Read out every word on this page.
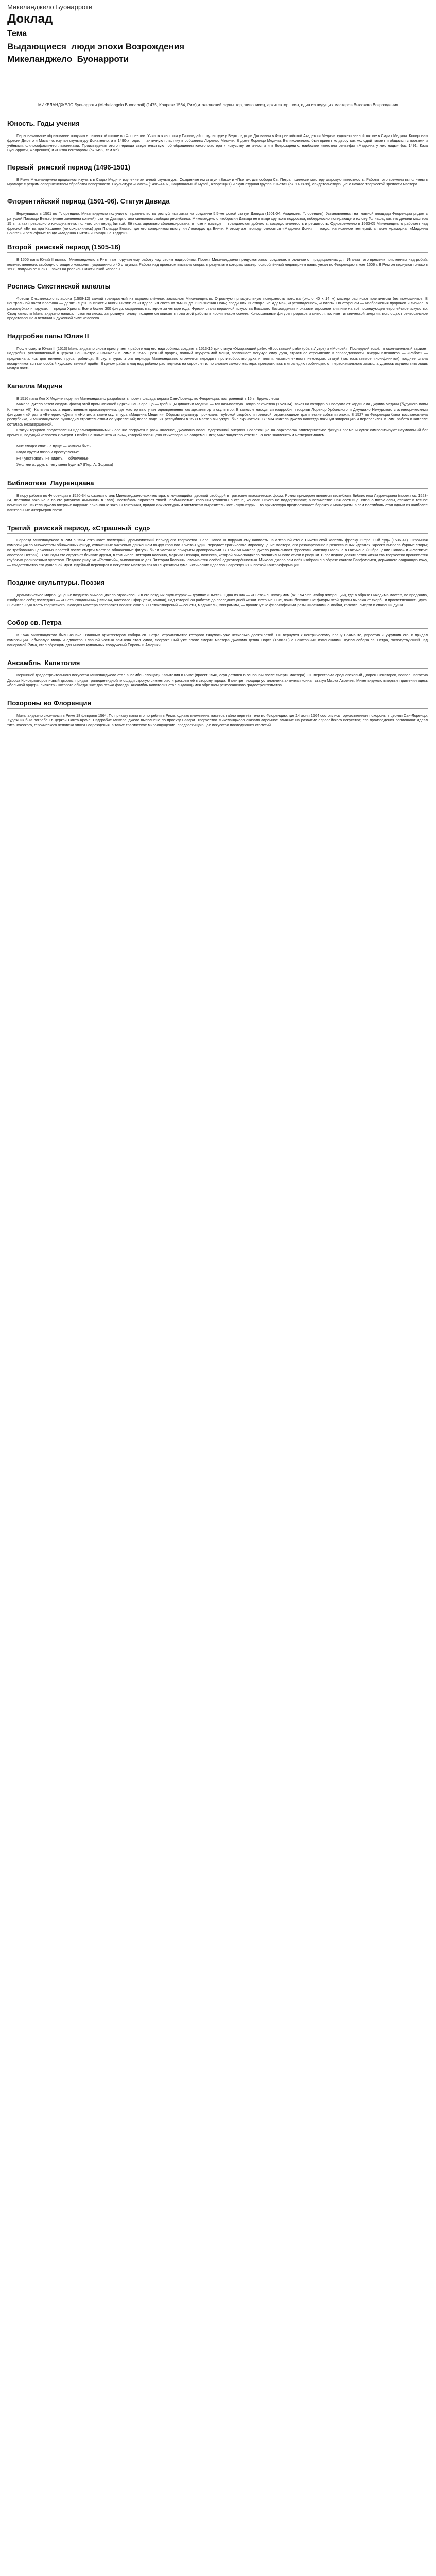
Микеланджело Буонарроти
Доклад
Тема
Выдающиеся  люди эпохи Возрождения
Микеланджело  Буонарроти

МИКЕЛАНДЖЕЛО Буонарроти (Michelangelo Buonarroti) (1475, Капрезе 1564, Рим),итальянский скульптор, живописец, архитектор, поэт, один из ведущих мастеров Высокого Возрождения.

Юность. Годы учения

Первоначальное образование получил в латинской школе во Флоренции. Учился живописи у Гирландайо, скульптуре у Бертольдо ди Джованни в Флорентийской Академии Медичи художественной школе в Садах Медичи. Копировал фрески Джотто и Мазаччо, изучал скульптуру Донателло, а в 1490-х годах — античную пластику в собраниях Лоренцо Медичи. В доме Лоренцо Медичи, Великолепного, был принят ко двору как молодой талант и общался с поэтами и учёными, философами-неоплатониками. Произведения этого периода свидетельствуют об обращении юного мастера к искусству античности и к Возрождению; наиболее известны рельефы «Мадонна у лестницы» (ок. 1491, Каза Буонарроти, Флоренция) и «Битва кентавров» (ок.1492, там же).

Первый  римский период (1496-1501)

В Риме Микеланджело продолжал изучать в Садах Медичи изучение античной скульптуры. Созданные им статуи «Вакх» и «Пьета», для собора Св. Петра, принесли мастеру широкую известность. Работы того времени выполнены в мраморе с редким совершенством обработки поверхности. Скульптура «Вакха» (1496–1497, Национальный музей, Флоренция) и скульптурная группа «Пьета» (ок. 1498-99), свидетельствующие о начале творческой зрелости мастера.

Флорентийский период (1501-06). Статуя Давида

Вернувшись в 1501 во Флоренцию, Микеланджело получил от правительства республики заказ на создание 5,5-метровой статуи Давида (1501-04, Академия, Флоренция). Установленная на главной площади Флоренции рядом с ратушей Палаццо Веккьо (ныне заменена копией), статуя Давида стала символом свободы республики. Микеланджело изобразил Давида не в виде хрупкого подростка, победоносно попирающего голову Голиафа, как это делали мастера 15 в., а как прекрасного юношу-атлета, полного сил перед битвой. Её поза идеально сбалансирована, в позе и взгляде — гражданская доблесть, сосредоточенность и решимость. Одновременно в 1503-05 Микеланджело работает над фреской «Битва при Кашине» (не сохранилась) для Палаццо Веккьо, где его соперником выступил Леонардо да Винчи. К этому же периоду относятся «Мадонна Дони» — тондо, написанное темперой, а также мраморная «Мадонна Брюгге» и рельефные тондо «Мадонна Питти» и «Мадонна Таддеи».

Второй  римский период (1505-16)

В 1505 папа Юлий II вызвал Микеланджело в Рим; там поручил ему работу над своим надгробием. Проект Микеланджело предусматривал создание, в отличие от традиционных для Италии того времени пристенных надгробий, величественного, свободно стоящего мавзолея, украшенного 40 статуями. Работа над проектом вызвала споры, в результате которых мастер, оскорблённый недоверием папы, уехал во Флоренцию в мае 1506 г. В Рим он вернулся только в 1508, получив от Юлия II заказ на роспись Сикстинской капеллы.

Роспись Сикстинской капеллы

Фрески Сикстинского плафона (1508-12) самый грандиозный из осуществлённых замыслов Микеланджело. Огромную прямоугольную поверхность потолка (около 40 х 14 м) мастер расписал практически без помощников. В центральной части плафона — девять сцен на сюжеты Книги Бытия: от «Отделения света от тьмы» до «Опьянения Ноя»; среди них «Сотворение Адама», «Грехопадение», «Потоп». По сторонам — изображения пророков и сивилл, в распалубках и парусах — предки Христа. Всего более 300 фигур, созданных мастером за четыре года. Фрески стали вершиной искусства Высокого Возрождения и оказали огромное влияние на всё последующее европейское искусство. Свод капеллы Микеланджело написал, стоя на лесах, запрокинув голову; позднее он описал тяготы этой работы в ироническом сонете. Колоссальные фигуры пророков и сивилл, полные титанической энергии, воплощают ренессансное представление о величии и духовной силе человека.

Надгробие папы Юлия II

После смерти Юлия II (1513) Микеланджело снова приступает к работе над его надгробием, создает в 1513-16 три статуи «Умирающий раб», «Восставший раб» (оба в Лувре) и «Моисей». Последний вошёл в окончательный вариант надгробия, установленный в церкви Сан-Пьетро-ин-Винколи в Риме в 1545. Грозный пророк, полный неукротимой мощи, воплощает могучую силу духа, страстное стремление к справедливости. Фигуры пленников — «Рабов» — предназначались для нижнего яруса гробницы. В скульптурах этого периода Микеланджело стремится передать противоборство духа и плоти; незаконченность некоторых статуй (так называемое «нон-финито») позднее стала восприниматься как особый художественный приём. В целом работа над надгробием растянулась на сорок лет и, по словам самого мастера, превратилась в «трагедию гробницы»: от первоначального замысла удалось осуществить лишь малую часть.

Капелла Медичи

В 1516 папа Лев X Медичи поручил Микеланджело разработать проект фасада церкви Сан-Лоренцо во Флоренции, построенной в 15 в. Брунеллески.

Микеланджело затем создать фасад этой примыкающей церкви Сан-Лоренцо — гробницы династии Медичи — так называемую Новую сакристию (1520-34), заказ на которую он получил от кардинала Джулио Медичи (будущего папы Климента VII). Капелла стала единственным произведением, где мастер выступил одновременно как архитектор и скульптор. В капелле находятся надгробия герцогов Лоренцо Урбинского и Джулиано Немурского с аллегорическими фигурами «Утра» и «Вечера», «Дня» и «Ночи», а также скульптура «Мадонна Медичи». Образы скульптур пронизаны глубокой скорбью и тревогой, отражающими трагические события эпохи. В 1527 во Флоренции была восстановлена республика, и Микеланджело руководил строительством её укреплений; после падения республики в 1530 мастер вынужден был скрываться. В 1534 Микеланджело навсегда покинул Флоренцию и переселился в Рим; работа в капелле осталась незавершённой.

Статуи герцогов представлены идеализированными: Лоренцо погружён в размышление, Джулиано полон сдержанной энергии. Возлежащие на саркофагах аллегорические фигуры времени суток символизируют неумолимый бег времени, ведущий человека к смерти. Особенно знаменита «Ночь», которой посвящено стихотворение современника; Микеланджело ответил на него знаменитым четверостишием:

Мне сладко спать, а пуще — камнем быть,
Когда кругом позор и преступленье:
Не чувствовать, не видеть — облегченье,
Умолкни ж, друг, к чему меня будить? (Пер. А. Эфроса)
Библиотека  Лауренциана

В пору работы во Флоренции в 1520-34 сложился стиль Микеланджело-архитектора, отличающийся дерзкой свободой в трактовке классических форм. Ярким примером является вестибюль Библиотеки Лауренциана (проект ок. 1523-34, лестница закончена по его рисункам Амманати в 1559). Вестибюль поражает своей необычностью: колонны утоплены в стене, консоли ничего не поддерживают, а величественная лестница, словно поток лавы, стекает в тесное помещение. Микеланджело впервые нарушил привычные законы тектоники, придав архитектурным элементам выразительность скульптуры. Его архитектура предвосхищает барокко и маньеризм, а сам вестибюль стал одним из наиболее влиятельных интерьеров эпохи.

Третий  римский период. «Страшный  суд»

Переезд Микеланджело в Рим в 1534 открывает последний, драматический период его творчества. Папа Павел III поручил ему написать на алтарной стене Сикстинской капеллы фреску «Страшный суд» (1536-41). Огромная композиция со множеством обнажённых фигур, охваченных вихревым движением вокруг грозного Христа-Судии, передаёт трагическое мироощущение мастера, его разочарование в ренессансных идеалах. Фреска вызвала бурные споры; по требованию церковных властей после смерти мастера обнажённые фигуры были частично прикрыты драпировками. В 1542-50 Микеланджело расписывает фресками капеллу Паолина в Ватикане («Обращение Савла» и «Распятие апостола Петра»). В эти годы его окружают близкие друзья, в том числе Виттория Колонна, маркиза Пескара, поэтесса, которой Микеланджело посвятил многие стихи и рисунки. В последние десятилетия жизни его творчество проникается глубоким религиозным чувством. Поздние рисунки «Распятий», выполненные для Виттории Колонны, отличаются особой одухотворённостью. Микеланджело сам себя изобразил в образе святого Варфоломея, держащего содранную кожу, — свидетельство его душевной муки. Идейный переворот в искусстве мастера связан с кризисом гуманистических идеалов Возрождения и эпохой Контрреформации.

Поздние скульптуры. Поэзия

Драматическое мироощущение позднего Микеланджело отразилось и в его поздних скульптурах — группах «Пьета». Одна из них — «Пьета» с Никодимом (ок. 1547-55, собор Флоренции), где в образе Никодима мастер, по преданию, изобразил себя; последняя — «Пьета Ронданини» (1552-64, Кастелло Сфорцеско, Милан), над которой он работал до последних дней жизни. Истончённые, почти бесплотные фигуры этой группы выражают скорбь и просветлённость духа. Значительную часть творческого наследия мастера составляет поэзия: около 300 стихотворений — сонеты, мадригалы, эпиграммы, — проникнутые философскими размышлениями о любви, красоте, смерти и спасении души.

Собор св. Петра

В 1546 Микеланджело был назначен главным архитектором собора св. Петра, строительство которого тянулось уже несколько десятилетий. Он вернулся к центрическому плану Браманте, упростив и укрупнив его, и придал композиции небывалую мощь и единство. Главной частью замысла стал купол, сооружённый уже после смерти мастера Джакомо делла Порта (1588-90) с некоторыми изменениями. Купол собора св. Петра, господствующий над панорамой Рима, стал образцом для многих купольных сооружений Европы и Америки.

Ансамбль  Капитолия

Вершиной градостроительного искусства Микеланджело стал ансамбль площади Капитолия в Риме (проект 1546, осуществлён в основном после смерти мастера). Он перестроил средневековый Дворец Сенаторов, возвёл напротив Дворца Консерваторов новый дворец, придав трапециевидной площади строгую симметрию и раскрыв её в сторону города. В центре площади установлена античная конная статуя Марка Аврелия. Микеланджело впервые применил здесь «большой ордер», пилястры которого объединяют два этажа фасада. Ансамбль Капитолия стал выдающимся образцом ренессансного градостроительства.

Похороны во Флоренции

Микеланджело скончался в Риме 18 февраля 1564. По приказу папы его погребли в Риме, однако племянник мастера тайно перевёз тело во Флоренцию, где 14 июля 1564 состоялись торжественные похороны в церкви Сан-Лоренцо. Художник был погребён в церкви Санта-Кроче. Надгробие Микеланджело выполнено по проекту Вазари. Творчество Микеланджело оказало огромное влияние на развитие европейского искусства; его произведения воплощают идеал титанического, героического человека эпохи Возрождения, а также трагическое мироощущение, предвосхищающее искусство последующих столетий.
